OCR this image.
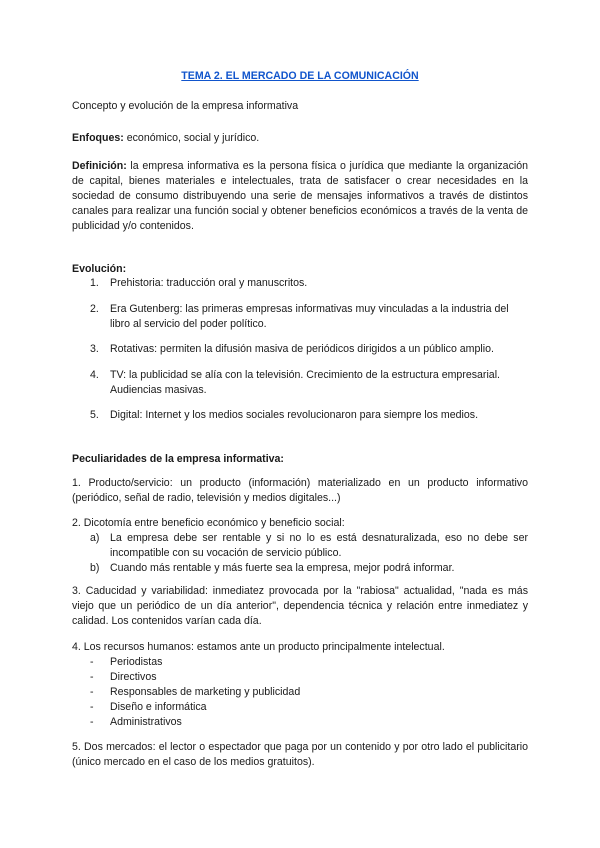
TEMA 2. EL MERCADO DE LA COMUNICACIÓN
Concepto y evolución de la empresa informativa
Enfoques: económico, social y jurídico.
Definición: la empresa informativa es la persona física o jurídica que mediante la organización de capital, bienes materiales e intelectuales, trata de satisfacer o crear necesidades en la sociedad de consumo distribuyendo una serie de mensajes informativos a través de distintos canales para realizar una función social y obtener beneficios económicos a través de la venta de publicidad y/o contenidos.
Evolución:
1. Prehistoria: traducción oral y manuscritos.
2. Era Gutenberg: las primeras empresas informativas muy vinculadas a la industria del libro al servicio del poder político.
3. Rotativas: permiten la difusión masiva de periódicos dirigidos a un público amplio.
4. TV: la publicidad se alía con la televisión. Crecimiento de la estructura empresarial. Audiencias masivas.
5. Digital: Internet y los medios sociales revolucionaron para siempre los medios.
Peculiaridades de la empresa informativa:
1. Producto/servicio: un producto (información) materializado en un producto informativo (periódico, señal de radio, televisión y medios digitales...)
2. Dicotomía entre beneficio económico y beneficio social:
a) La empresa debe ser rentable y si no lo es está desnaturalizada, eso no debe ser incompatible con su vocación de servicio público.
b) Cuando más rentable y más fuerte sea la empresa, mejor podrá informar.
3. Caducidad y variabilidad: inmediatez provocada por la "rabiosa" actualidad, "nada es más viejo que un periódico de un día anterior", dependencia técnica y relación entre inmediatez y calidad. Los contenidos varían cada día.
4. Los recursos humanos: estamos ante un producto principalmente intelectual.
- Periodistas
- Directivos
- Responsables de marketing y publicidad
- Diseño e informática
- Administrativos
5. Dos mercados: el lector o espectador que paga por un contenido y por otro lado el publicitario (único mercado en el caso de los medios gratuitos).
